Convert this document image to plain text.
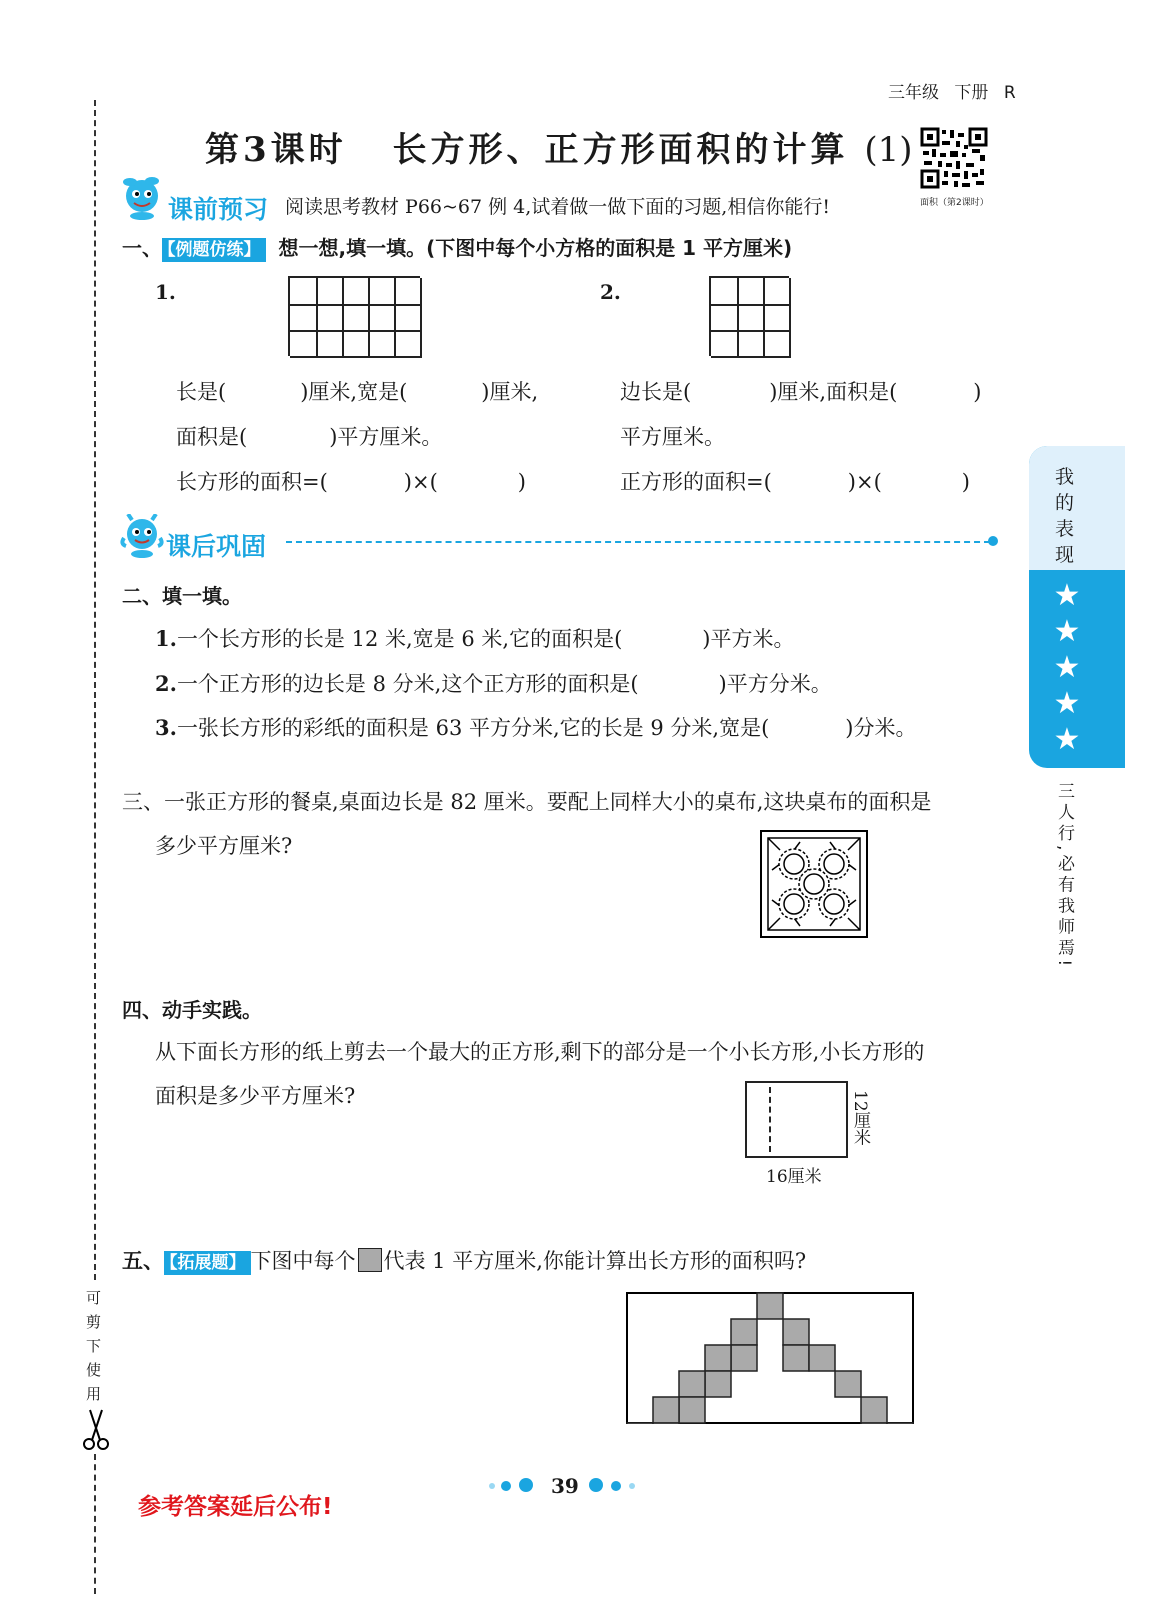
三年级 下册 R
第3课时 长方形、正方形面积的计算 (1)
面积（第2课时）
课前预习 阅读思考教材 P66~67 例 4,试着做一做下面的习题,相信你能行!
一、 【例题仿练】 想一想,填一填。(下图中每个小方格的面积是 1 平方厘米)
1.
长是(	)厘米,宽是(	)厘米,
面积是(	)平方厘米。
长方形的面积=(	)×(	)
2.
边长是(	)厘米,面积是(	)
平方厘米。
正方形的面积=(	)×(	)
课后巩固
二、填一填。
1.一个长方形的长是 12 米,宽是 6 米,它的面积是(	)平方米。
2.一个正方形的边长是 8 分米,这个正方形的面积是(	)平方分米。
3.一张长方形的彩纸的面积是 63 平方分米,它的长是 9 分米,宽是(	)分米。
三、一张正方形的餐桌,桌面边长是 82 厘米。要配上同样大小的桌布,这块桌布的面积是
多少平方厘米?
四、动手实践。
从下面长方形的纸上剪去一个最大的正方形,剩下的部分是一个小长方形,小长方形的
面积是多少平方厘米?
16厘米
12厘米
五、 【拓展题】 下图中每个 代表 1 平方厘米,你能计算出长方形的面积吗?
我的表现
★
★
★
★
★
三人行,必有我师焉!
可剪下使用
39
参考答案延后公布!
